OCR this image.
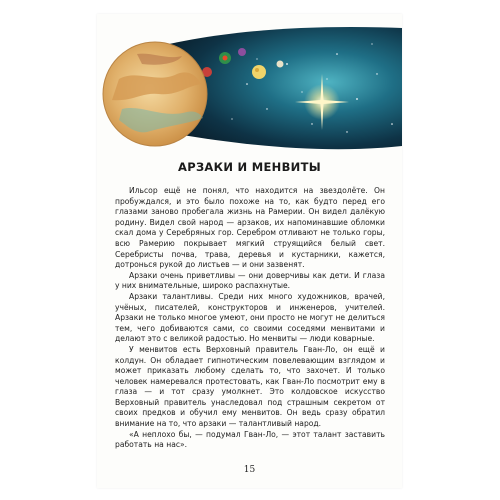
АРЗАКИ И МЕНВИТЫ

Ильсор ещё не понял, что находится на звездолёте. Он пробуждался, и это было похоже на то, как будто перед его глазами заново пробегала жизнь на Рамерии. Он видел далёкую родину. Видел свой народ — арзаков, их напоминавшие обломки скал дома у Серебряных гор. Серебром отливают не только горы, всю Рамерию покрывает мягкий струящийся белый свет. Серебристы почва, трава, деревья и кустарники, кажется, дотронься рукой до листьев — и они зазвенят.

Арзаки очень приветливы — они доверчивы как дети. И глаза у них внимательные, широко распахнутые.

Арзаки талантливы. Среди них много художников, врачей, учёных, писателей, конструкторов и инженеров, учителей. Арзаки не только многое умеют, они просто не могут не делиться тем, чего добиваются сами, со своими соседями менвитами и делают это с великой радостью. Но менвиты — люди коварные.

У менвитов есть Верховный правитель Гван-Ло, он ещё и колдун. Он обладает гипнотическим повелевающим взглядом и может приказать любому сделать то, что захочет. И только человек намеревался протестовать, как Гван-Ло посмотрит ему в глаза — и тот сразу умолкнет. Это колдовское искусство Верховный правитель унаследовал под страшным секретом от своих предков и обучил ему менвитов. Он ведь сразу обратил внимание на то, что арзаки — талантливый народ.

«А неплохо бы, — подумал Гван-Ло, — этот талант заставить работать на нас».

15
